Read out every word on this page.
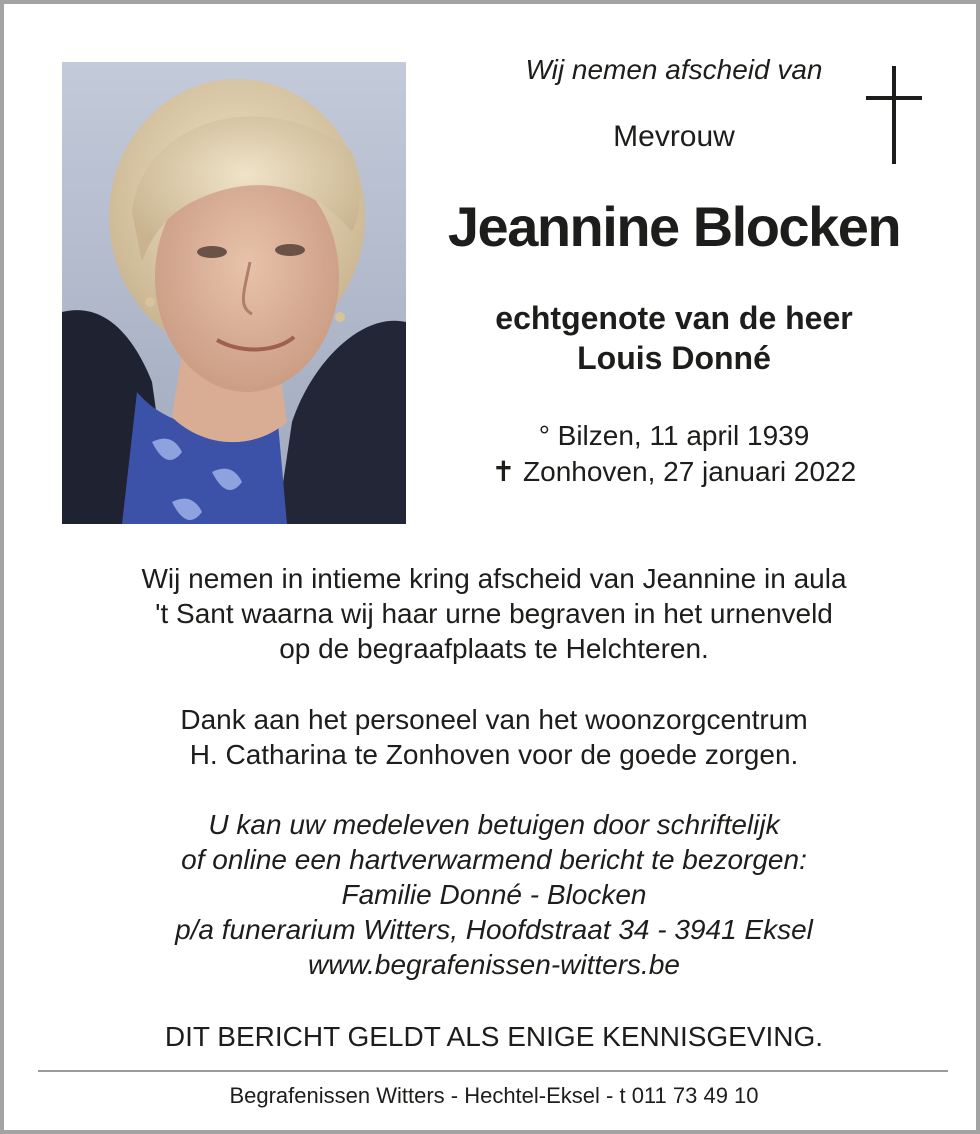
Wij nemen afscheid van
Mevrouw
Jeannine Blocken
echtgenote van de heer
Louis Donné
° Bilzen, 11 april 1939
✝ Zonhoven, 27 januari 2022
Wij nemen in intieme kring afscheid van Jeannine in aula
't Sant waarna wij haar urne begraven in het urnenveld
op de begraafplaats te Helchteren.
Dank aan het personeel van het woonzorgcentrum
H. Catharina te Zonhoven voor de goede zorgen.
U kan uw medeleven betuigen door schriftelijk
of online een hartverwarmend bericht te bezorgen:
Familie Donné - Blocken
p/a funerarium Witters, Hoofdstraat 34 - 3941 Eksel
www.begrafenissen-witters.be
DIT BERICHT GELDT ALS ENIGE KENNISGEVING.
Begrafenissen Witters - Hechtel-Eksel - t 011 73 49 10
